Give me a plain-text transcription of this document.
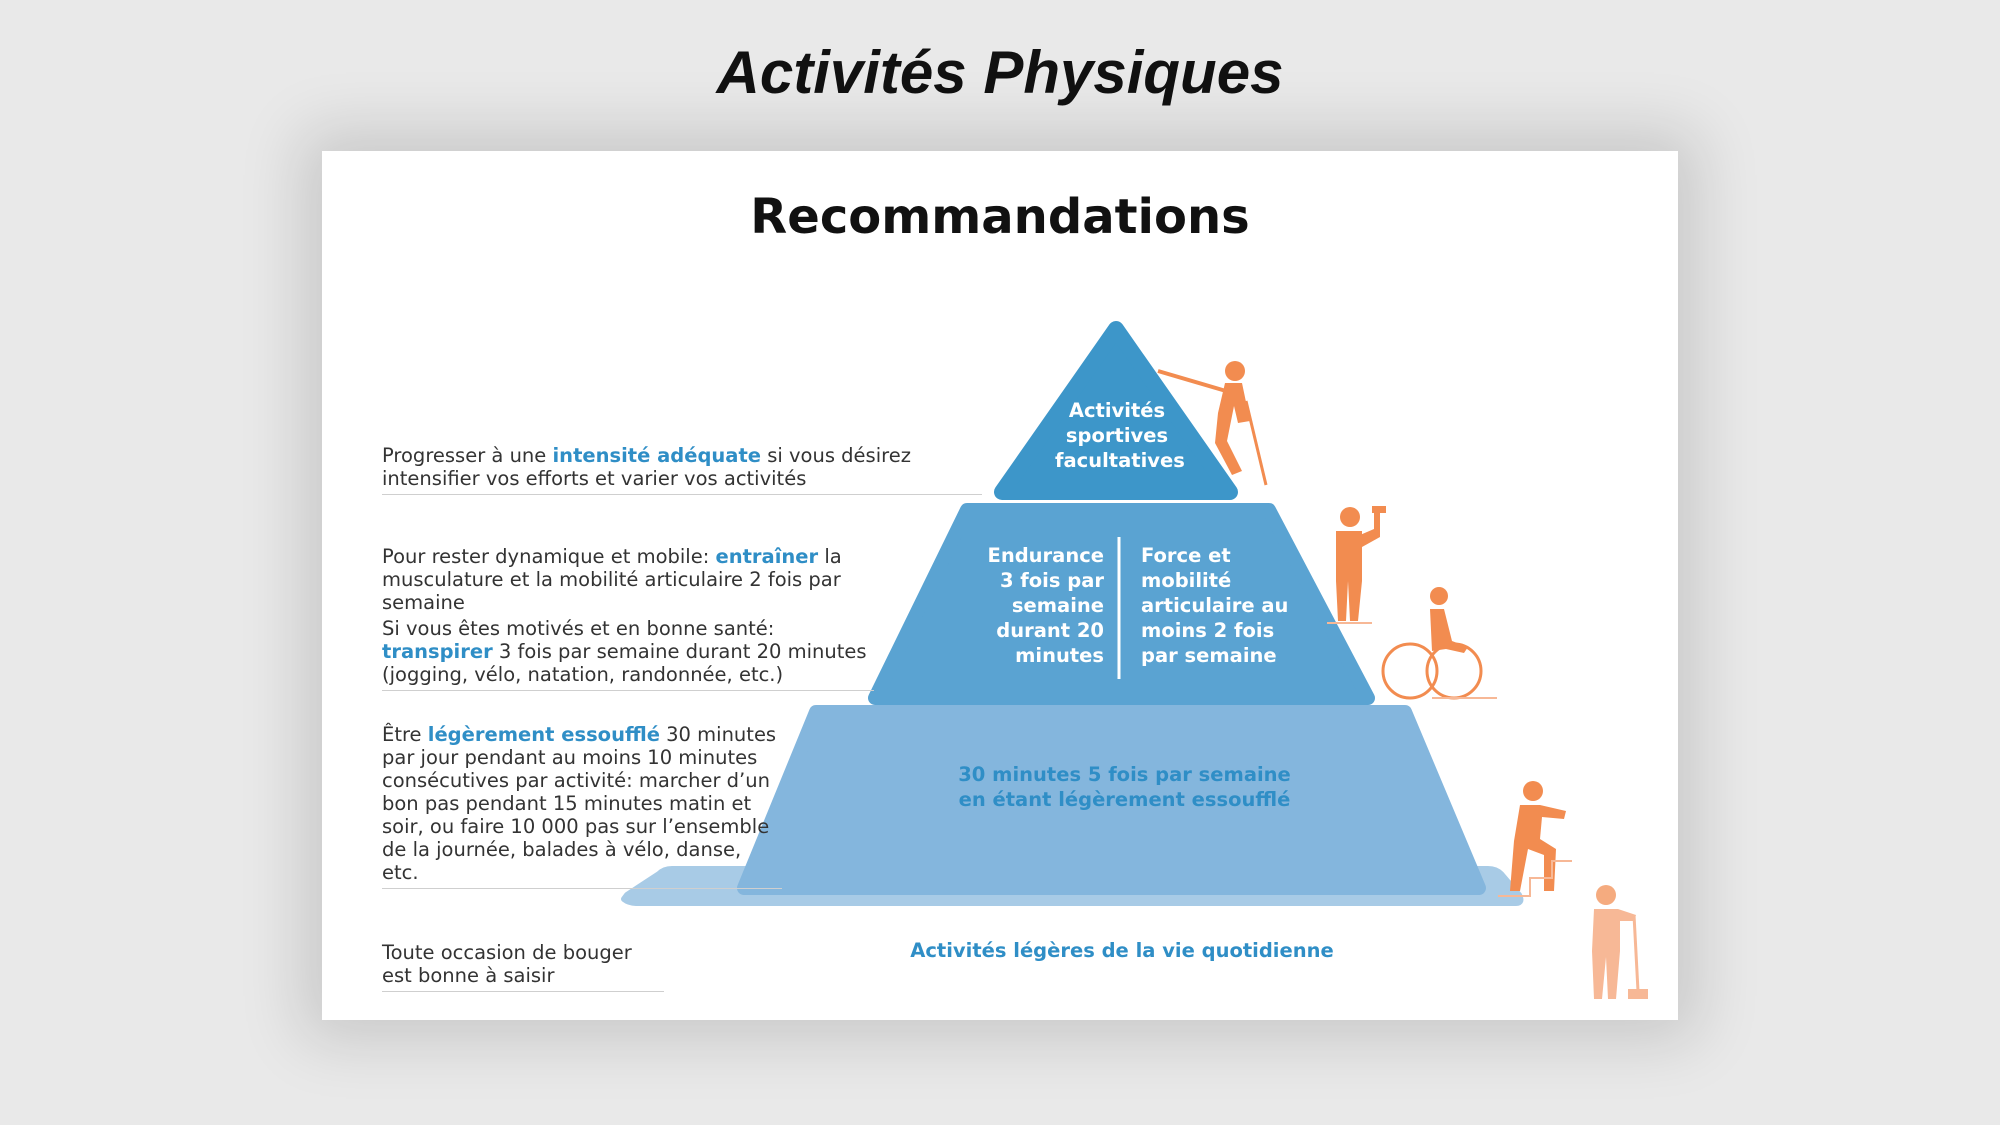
Activités Physiques
Recommandations
Activités sportives facultatives
Endurance 3 fois par semaine durant 20 minutes
Force et mobilité articulaire au moins 2 fois par semaine
30 minutes 5 fois par semaine en étant légèrement essoufflé
Activités légères de la vie quotidienne
Progresser à une intensité adéquate si vous désirez intensifier vos efforts et varier vos activités

Pour rester dynamique et mobile: entraîner la musculature et la mobilité articulaire 2 fois par semaine

Si vous êtes motivés et en bonne santé: transpirer 3 fois par semaine durant 20 minutes (jogging, vélo, natation, randonnée, etc.)

Être légèrement essoufflé 30 minutes par jour pendant au moins 10 minutes consécutives par activité: marcher d’un bon pas pendant 15 minutes matin et soir, ou faire 10 000 pas sur l’ensemble de la journée, balades à vélo, danse, etc.
Toute occasion de bouger est bonne à saisir
